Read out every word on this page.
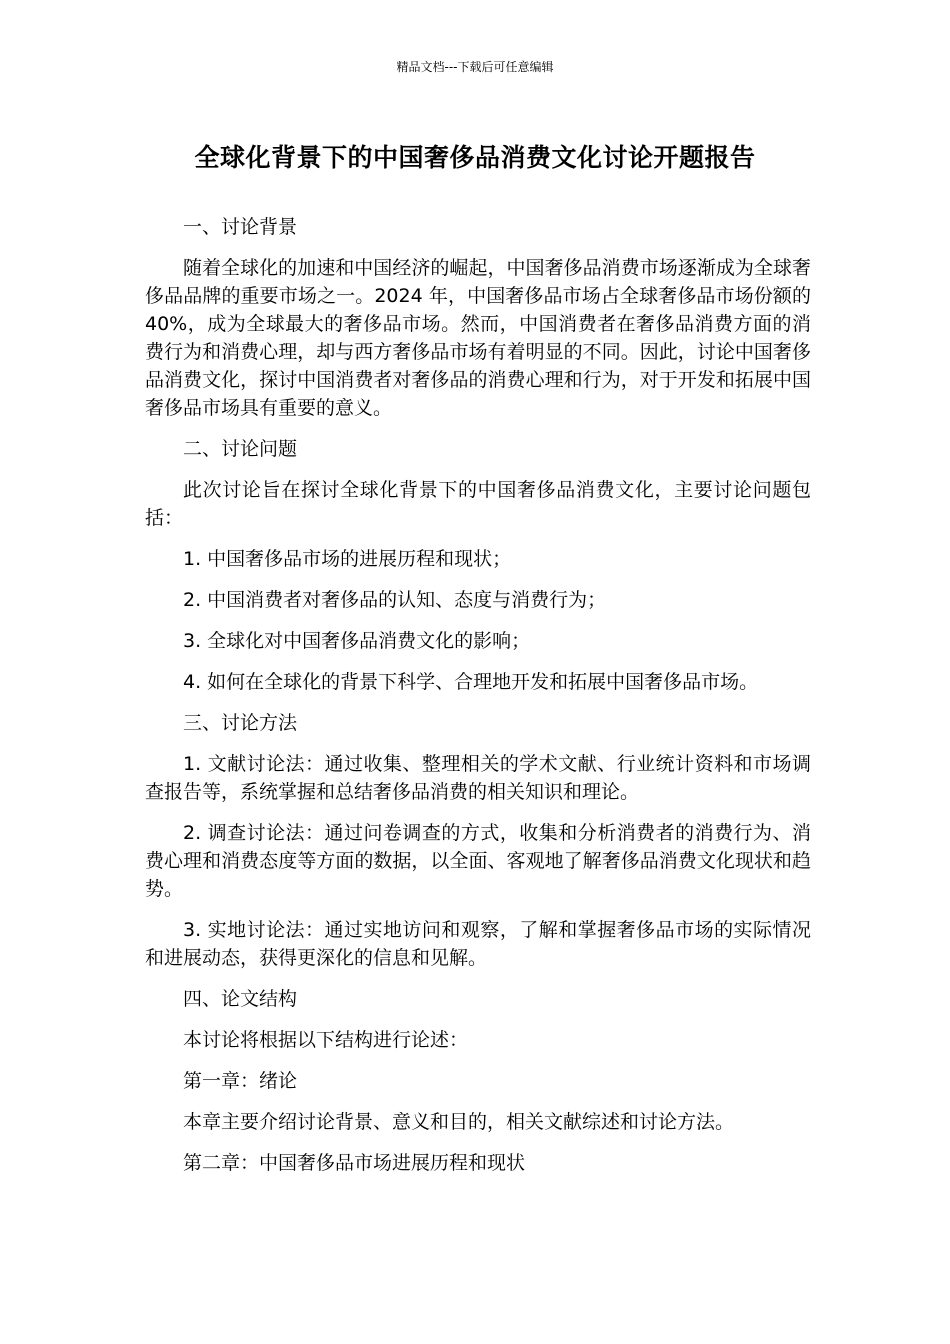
精品文档---下载后可任意编辑
全球化背景下的中国奢侈品消费文化讨论开题报告

一、讨论背景

随着全球化的加速和中国经济的崛起，中国奢侈品消费市场逐渐成为全球奢侈品品牌的重要市场之一。2024 年，中国奢侈品市场占全球奢侈品市场份额的 40%，成为全球最大的奢侈品市场。然而，中国消费者在奢侈品消费方面的消费行为和消费心理，却与西方奢侈品市场有着明显的不同。因此，讨论中国奢侈品消费文化，探讨中国消费者对奢侈品的消费心理和行为，对于开发和拓展中国奢侈品市场具有重要的意义。

二、讨论问题

此次讨论旨在探讨全球化背景下的中国奢侈品消费文化，主要讨论问题包括：

1. 中国奢侈品市场的进展历程和现状；

2. 中国消费者对奢侈品的认知、态度与消费行为；

3. 全球化对中国奢侈品消费文化的影响；

4. 如何在全球化的背景下科学、合理地开发和拓展中国奢侈品市场。

三、讨论方法

1. 文献讨论法：通过收集、整理相关的学术文献、行业统计资料和市场调查报告等，系统掌握和总结奢侈品消费的相关知识和理论。

2. 调查讨论法：通过问卷调查的方式，收集和分析消费者的消费行为、消费心理和消费态度等方面的数据，以全面、客观地了解奢侈品消费文化现状和趋势。

3. 实地讨论法：通过实地访问和观察，了解和掌握奢侈品市场的实际情况和进展动态，获得更深化的信息和见解。

四、论文结构

本讨论将根据以下结构进行论述：

第一章：绪论

本章主要介绍讨论背景、意义和目的，相关文献综述和讨论方法。

第二章：中国奢侈品市场进展历程和现状
